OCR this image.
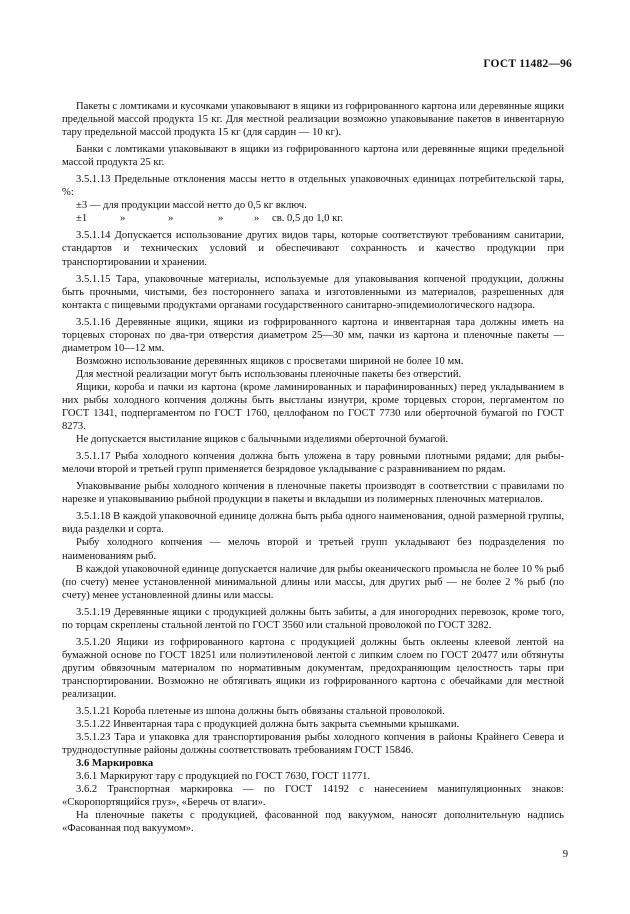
ГОСТ 11482—96

Пакеты с ломтиками и кусочками упаковывают в ящики из гофрированного картона или деревянные ящики предельной массой продукта 15 кг. Для местной реализации возможно упаковывание пакетов в инвентарную тару предельной массой продукта 15 кг (для сардин — 10 кг).

Банки с ломтиками упаковывают в ящики из гофрированного картона или деревянные ящики предельной массой продукта 25 кг.

3.5.1.13 Предельные отклонения массы нетто в отдельных упаковочных единицах потребительской тары, %:

±3 — для продукции массой нетто до 0,5 кг включ.

±1	»	»	»	»	св. 0,5 до 1,0 кг.

3.5.1.14 Допускается использование других видов тары, которые соответствуют требованиям санитарии, стандартов и технических условий и обеспечивают сохранность и качество продукции при транспортировании и хранении.

3.5.1.15 Тара, упаковочные материалы, используемые для упаковывания копченой продукции, должны быть прочными, чистыми, без постороннего запаха и изготовленными из материалов, разрешенных для контакта с пищевыми продуктами органами государственного санитарно-эпидемиологического надзора.

3.5.1.16 Деревянные ящики, ящики из гофрированного картона и инвентарная тара должны иметь на торцевых сторонах по два-три отверстия диаметром 25—30 мм, пачки из картона и пленочные пакеты — диаметром 10—12 мм.

Возможно использование деревянных ящиков с просветами шириной не более 10 мм.

Для местной реализации могут быть использованы пленочные пакеты без отверстий.

Ящики, короба и пачки из картона (кроме ламинированных и парафинированных) перед укладыванием в них рыбы холодного копчения должны быть выстланы изнутри, кроме торцевых сторон, пергаментом по ГОСТ 1341, подпергаментом по ГОСТ 1760, целлофаном по ГОСТ 7730 или оберточной бумагой по ГОСТ 8273.

Не допускается выстилание ящиков с балычными изделиями оберточной бумагой.

3.5.1.17 Рыба холодного копчения должна быть уложена в тару ровными плотными рядами; для рыбы-мелочи второй и третьей групп применяется безрядовое укладывание с разравниванием по рядам.

Упаковывание рыбы холодного копчения в пленочные пакеты производят в соответствии с правилами по нарезке и упаковыванию рыбной продукции в пакеты и вкладыши из полимерных пленочных материалов.

3.5.1.18 В каждой упаковочной единице должна быть рыба одного наименования, одной размерной группы, вида разделки и сорта.

Рыбу холодного копчения — мелочь второй и третьей групп укладывают без подразделения по наименованиям рыб.

В каждой упаковочной единице допускается наличие для рыбы океанического промысла не более 10 % рыб (по счету) менее установленной минимальной длины или массы, для других рыб — не более 2 % рыб (по счету) менее установленной длины или массы.

3.5.1.19 Деревянные ящики с продукцией должны быть забиты, а для иногородних перевозок, кроме того, по торцам скреплены стальной лентой по ГОСТ 3560 или стальной проволокой по ГОСТ 3282.

3.5.1.20 Ящики из гофрированного картона с продукцией должны быть оклеены клеевой лентой на бумажной основе по ГОСТ 18251 или полиэтиленовой лентой с липким слоем по ГОСТ 20477 или обтянуты другим обвязочным материалом по нормативным документам, предохраняющим целостность тары при транспортировании. Возможно не обтягивать ящики из гофрированного картона с обечайками для местной реализации.

3.5.1.21 Короба плетеные из шпона должны быть обвязаны стальной проволокой.

3.5.1.22 Инвентарная тара с продукцией должна быть закрыта съемными крышками.

3.5.1.23 Тара и упаковка для транспортирования рыбы холодного копчения в районы Крайнего Севера и труднодоступные районы должны соответствовать требованиям ГОСТ 15846.

3.6 Маркировка

3.6.1 Маркируют тару с продукцией по ГОСТ 7630, ГОСТ 11771.

3.6.2 Транспортная маркировка — по ГОСТ 14192 с нанесением манипуляционных знаков: «Скоропортящийся груз», «Беречь от влаги».

На пленочные пакеты с продукцией, фасованной под вакуумом, наносят дополнительную надпись «Фасованная под вакуумом».

9
